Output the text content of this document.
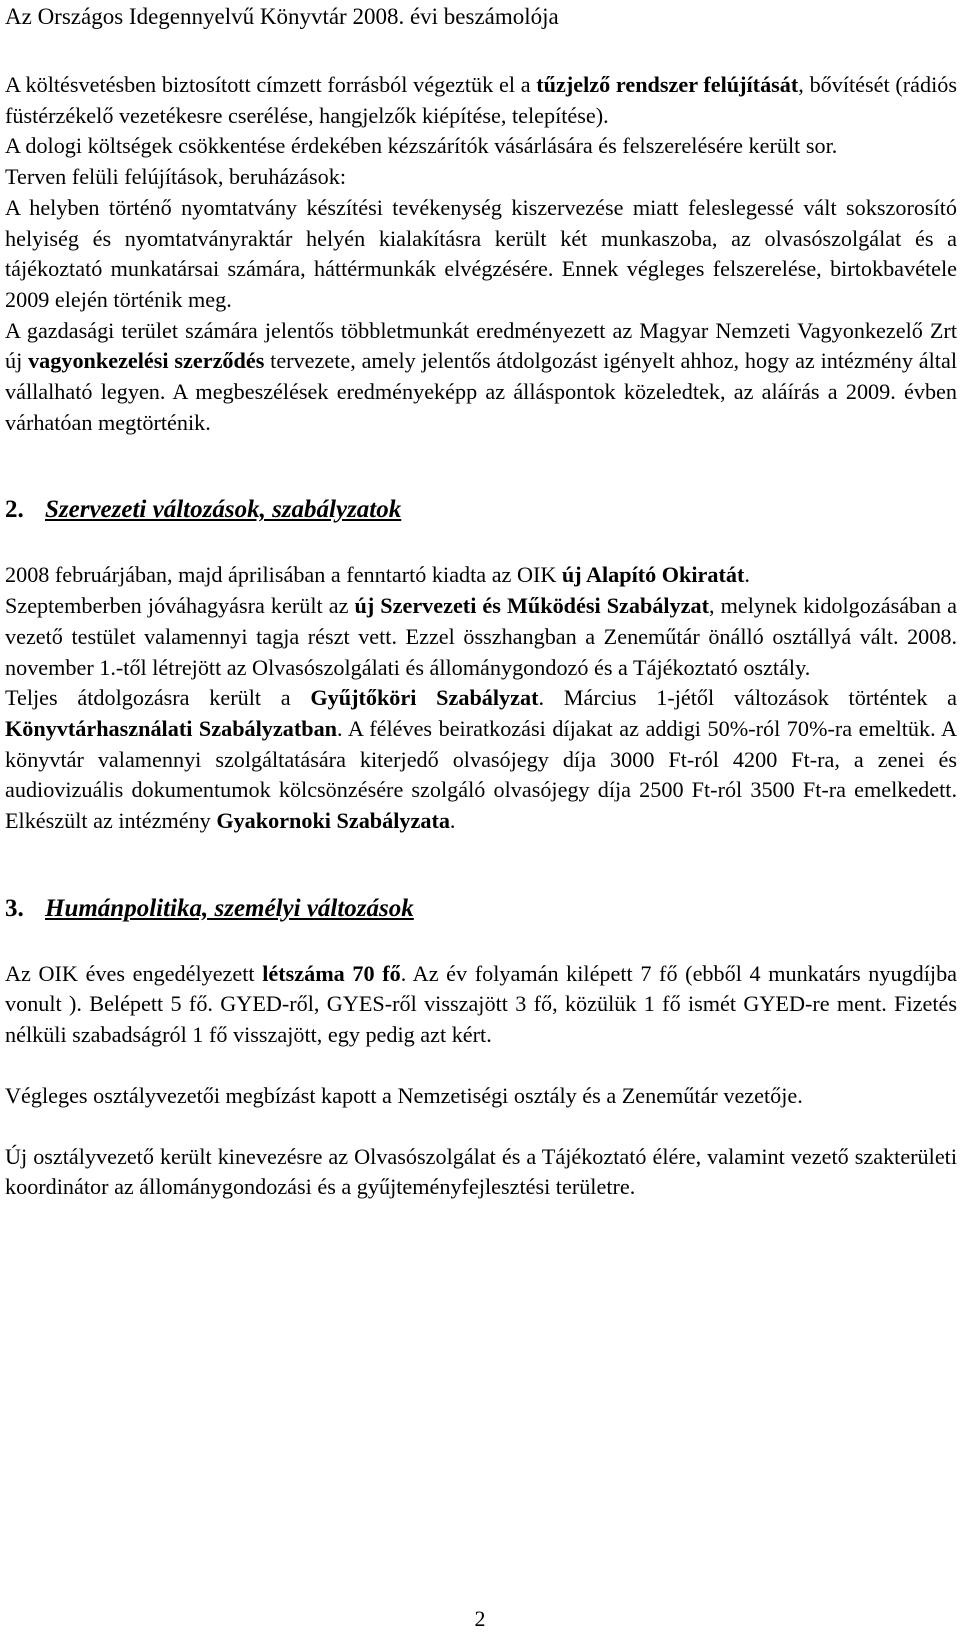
Az Országos Idegennyelvű Könyvtár 2008. évi beszámolója

A költésvetésben biztosított címzett forrásból végeztük el a tűzjelző rendszer felújítását, bővítését (rádiós füstérzékelő vezetékesre cserélése, hangjelzők kiépítése, telepítése).

A dologi költségek csökkentése érdekében kézszárítók vásárlására és felszerelésére került sor.

Terven felüli felújítások, beruházások:

A helyben történő nyomtatvány készítési tevékenység kiszervezése miatt feleslegessé vált sokszorosító helyiség és nyomtatványraktár helyén kialakításra került két munkaszoba, az olvasószolgálat és a tájékoztató munkatársai számára, háttérmunkák elvégzésére. Ennek végleges felszerelése, birtokbavétele 2009 elején történik meg.

A gazdasági terület számára jelentős többletmunkát eredményezett az Magyar Nemzeti Vagyonkezelő Zrt új vagyonkezelési szerződés tervezete, amely jelentős átdolgozást igényelt ahhoz, hogy az intézmény által vállalható legyen. A megbeszélések eredményeképp az álláspontok közeledtek, az aláírás a 2009. évben várhatóan megtörténik.

2. Szervezeti változások, szabályzatok

2008 februárjában, majd áprilisában a fenntartó kiadta az OIK új Alapító Okiratát.

Szeptemberben jóváhagyásra került az új Szervezeti és Működési Szabályzat, melynek kidolgozásában a vezető testület valamennyi tagja részt vett. Ezzel összhangban a Zeneműtár önálló osztállyá vált. 2008. november 1.-től létrejött az Olvasószolgálati és állománygondozó és a Tájékoztató osztály.

Teljes átdolgozásra került a Gyűjtőköri Szabályzat. Március 1-jétől változások történtek a Könyvtárhasználati Szabályzatban. A féléves beiratkozási díjakat az addigi 50%-ról 70%-ra emeltük. A könyvtár valamennyi szolgáltatására kiterjedő olvasójegy díja 3000 Ft-ról 4200 Ft-ra, a zenei és audiovizuális dokumentumok kölcsönzésére szolgáló olvasójegy díja 2500 Ft-ról 3500 Ft-ra emelkedett. Elkészült az intézmény Gyakornoki Szabályzata.

3. Humánpolitika, személyi változások

Az OIK éves engedélyezett létszáma 70 fő. Az év folyamán kilépett 7 fő (ebből 4 munkatárs nyugdíjba vonult ). Belépett 5 fő. GYED-ről, GYES-ről visszajött 3 fő, közülük 1 fő ismét GYED-re ment. Fizetés nélküli szabadságról 1 fő visszajött, egy pedig azt kért.

Végleges osztályvezetői megbízást kapott a Nemzetiségi osztály és a Zeneműtár vezetője.

Új osztályvezető került kinevezésre az Olvasószolgálat és a Tájékoztató élére, valamint vezető szakterületi koordinátor az állománygondozási és a gyűjteményfejlesztési területre.

2
